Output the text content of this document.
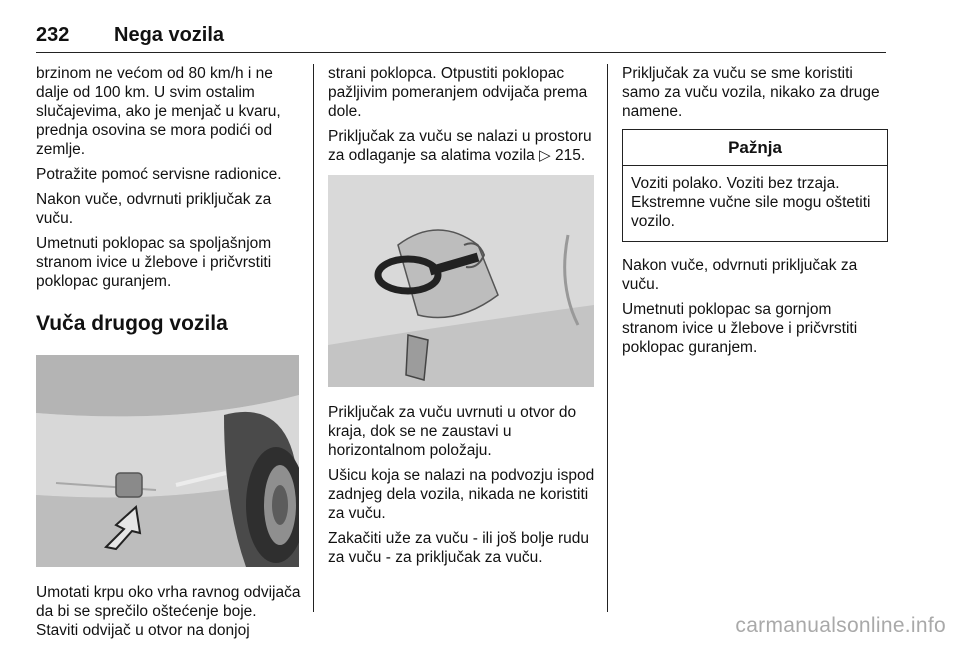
232 Nega vozila

brzinom ne većom od 80 km/h i ne dalje od 100 km. U svim ostalim slučajevima, ako je menjač u kvaru, prednja osovina se mora podići od zemlje.

Potražite pomoć servisne radionice.

Nakon vuče, odvrnuti priključak za vuču.

Umetnuti poklopac sa spoljašnjom stranom ivice u žlebove i pričvrstiti poklopac guranjem.

Vuča drugog vozila

Umotati krpu oko vrha ravnog odvijača da bi se sprečilo oštećenje boje. Staviti odvijač u otvor na donjoj

strani poklopca. Otpustiti poklopac pažljivim pomeranjem odvijača prema dole.

Priključak za vuču se nalazi u prostoru za odlaganje sa alatima vozila ▷ 215.

Priključak za vuču uvrnuti u otvor do kraja, dok se ne zaustavi u horizontalnom položaju.

Ušicu koja se nalazi na podvozju ispod zadnjeg dela vozila, nikada ne koristiti za vuču.

Zakačiti uže za vuču - ili još bolje rudu za vuču - za priključak za vuču.

Priključak za vuču se sme koristiti samo za vuču vozila, nikako za druge namene.

Pažnja
Voziti polako. Voziti bez trzaja. Ekstremne vučne sile mogu oštetiti vozilo.

Nakon vuče, odvrnuti priključak za vuču.

Umetnuti poklopac sa gornjom stranom ivice u žlebove i pričvrstiti poklopac guranjem.

carmanualsonline.info
